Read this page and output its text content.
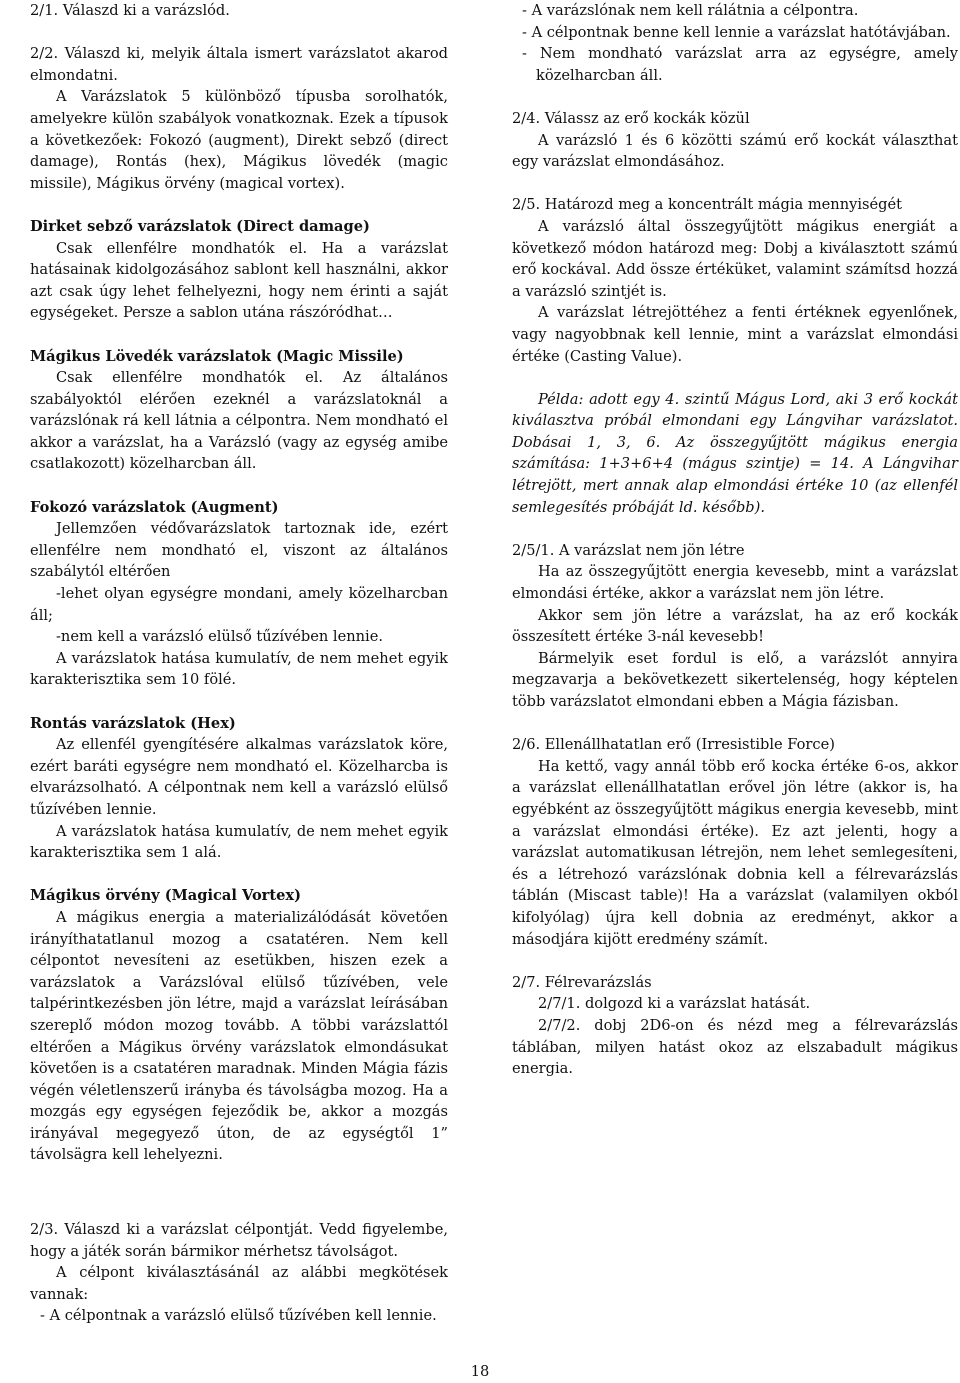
2/1. Válaszd ki a varázslód.

2/2. Válaszd ki, melyik általa ismert varázslatot akarod elmondatni.

A Varázslatok 5 különböző típusba sorolhatók, amelyekre külön szabályok vonatkoznak. Ezek a típusok a következőek: Fokozó (augment), Direkt sebző (direct damage), Rontás (hex), Mágikus lövedék (magic missile), Mágikus örvény (magical vortex).

Dirket sebző varázslatok (Direct damage)

Csak ellenfélre mondhatók el. Ha a varázslat hatásainak kidolgozásához sablont kell használni, akkor azt csak úgy lehet felhelyezni, hogy nem érinti a saját egységeket. Persze a sablon utána rászóródhat…

Mágikus Lövedék varázslatok (Magic Missile)

Csak ellenfélre mondhatók el. Az általános szabályoktól elérően ezeknél a varázslatoknál a varázslónak rá kell látnia a célpontra. Nem mondható el akkor a varázslat, ha a Varázsló (vagy az egység amibe csatlakozott) közelharcban áll.

Fokozó varázslatok (Augment)

Jellemzően védővarázslatok tartoznak ide, ezért ellenfélre nem mondható el, viszont az általános szabálytól eltérően

-lehet olyan egységre mondani, amely közelharcban áll;

-nem kell a varázsló elülső tűzívében lennie.

A varázslatok hatása kumulatív, de nem mehet egyik karakterisztika sem 10 fölé.

Rontás varázslatok (Hex)

Az ellenfél gyengítésére alkalmas varázslatok köre, ezért baráti egységre nem mondható el. Közelharcba is elvarázsolható. A célpontnak nem kell a varázsló elülső tűzívében lennie.

A varázslatok hatása kumulatív, de nem mehet egyik karakterisztika sem 1 alá.

Mágikus örvény (Magical Vortex)

A mágikus energia a materializálódását követően irányíthatatlanul mozog a csatatéren. Nem kell célpontot nevesíteni az esetükben, hiszen ezek a varázslatok a Varázslóval elülső tűzívében, vele talpérintkezésben jön létre, majd a varázslat leírásában szereplő módon mozog tovább. A többi varázslattól eltérően a Mágikus örvény varázslatok elmondásukat követően is a csatatéren maradnak. Minden Mágia fázis végén véletlenszerű irányba és távolságba mozog. Ha a mozgás egy egységen fejeződik be, akkor a mozgás irányával megegyező úton, de az egységtől 1” távolsägra kell lehelyezni.

2/3. Válaszd ki a varázslat célpontját. Vedd figyelembe, hogy a játék során bármikor mérhetsz távolságot.

A célpont kiválasztásánál az alábbi megkötések vannak:

- A célpontnak a varázsló elülső tűzívében kell lennie.

- A varázslónak nem kell rálátnia a célpontra.

- A célpontnak benne kell lennie a varázslat hatótávjában.

- Nem mondható varázslat arra az egységre, amely közelharcban áll.

2/4. Válassz az erő kockák közül

A varázsló 1 és 6 közötti számú erő kockát választhat egy varázslat elmondásához.

2/5. Határozd meg a koncentrált mágia mennyiségét

A varázsló által összegyűjtött mágikus energiát a következő módon határozd meg: Dobj a kiválasztott számú erő kockával. Add össze értéküket, valamint számítsd hozzá a varázsló szintjét is.

A varázslat létrejöttéhez a fenti értéknek egyenlőnek, vagy nagyobbnak kell lennie, mint a varázslat elmondási értéke (Casting Value).

Példa: adott egy 4. szintű Mágus Lord, aki 3 erő kockát kiválasztva próbál elmondani egy Lángvihar varázslatot. Dobásai 1, 3, 6. Az összegyűjtött mágikus energia számítása: 1+3+6+4 (mágus szintje) = 14. A Lángvihar létrejött, mert annak alap elmondási értéke 10 (az ellenfél semlegesítés próbáját ld. később).

2/5/1. A varázslat nem jön létre

Ha az összegyűjtött energia kevesebb, mint a varázslat elmondási értéke, akkor a varázslat nem jön létre.

Akkor sem jön létre a varázslat, ha az erő kockák összesített értéke 3-nál kevesebb!

Bármelyik eset fordul is elő, a varázslót annyira megzavarja a bekövetkezett sikertelenség, hogy képtelen több varázslatot elmondani ebben a Mágia fázisban.

2/6. Ellenállhatatlan erő (Irresistible Force)

Ha kettő, vagy annál több erő kocka értéke 6-os, akkor a varázslat ellenállhatatlan erővel jön létre (akkor is, ha egyébként az összegyűjtött mágikus energia kevesebb, mint a varázslat elmondási értéke). Ez azt jelenti, hogy a varázslat automatikusan létrejön, nem lehet semlegesíteni, és a létrehozó varázslónak dobnia kell a félrevarázslás táblán (Miscast table)! Ha a varázslat (valamilyen okból kifolyólag) újra kell dobnia az eredményt, akkor a másodjára kijött eredmény számít.

2/7. Félrevarázslás

2/7/1. dolgozd ki a varázslat hatását.

2/7/2. dobj 2D6-on és nézd meg a félrevarázslás táblában, milyen hatást okoz az elszabadult mágikus energia.

18
